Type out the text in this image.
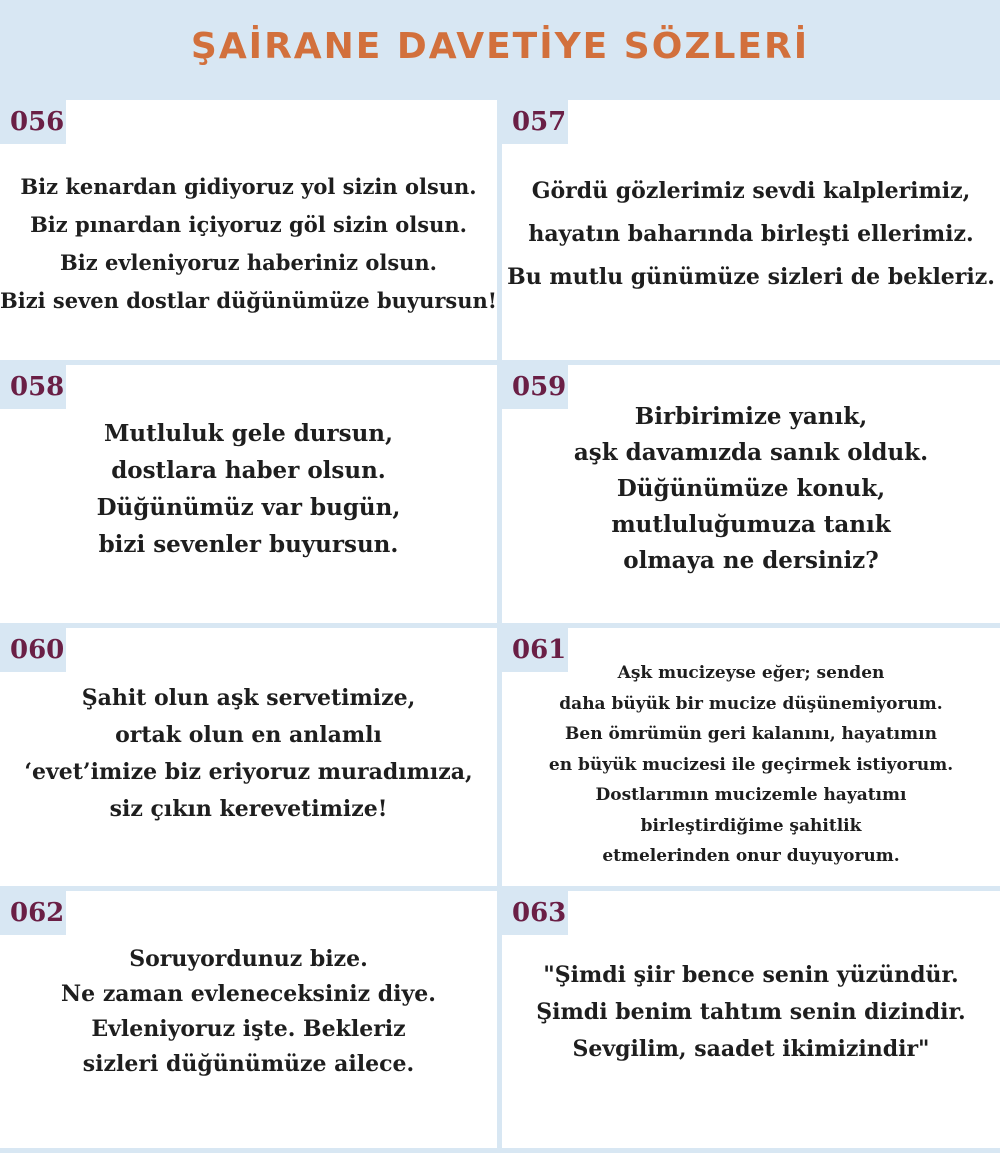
ŞAİRANE DAVETİYE SÖZLERİ
056
Biz kenardan gidiyoruz yol sizin olsun.
Biz pınardan içiyoruz göl sizin olsun.
Biz evleniyoruz haberiniz olsun.
Bizi seven dostlar düğünümüze buyursun!
057
Gördü gözlerimiz sevdi kalplerimiz,
hayatın baharında birleşti ellerimiz.
Bu mutlu günümüze sizleri de bekleriz.
058
Mutluluk gele dursun,
dostlara haber olsun.
Düğünümüz var bugün,
bizi sevenler buyursun.
059
Birbirimize yanık,
aşk davamızda sanık olduk.
Düğünümüze konuk,
mutluluğumuza tanık
olmaya ne dersiniz?
060
Şahit olun aşk servetimize,
ortak olun en anlamlı
‘evet’imize biz eriyoruz muradımıza,
siz çıkın kerevetimize!
061
Aşk mucizeyse eğer; senden
daha büyük bir mucize düşünemiyorum.
Ben ömrümün geri kalanını, hayatımın
en büyük mucizesi ile geçirmek istiyorum.
Dostlarımın mucizemle hayatımı
birleştirdiğime şahitlik
etmelerinden onur duyuyorum.
062
Soruyordunuz bize.
Ne zaman evleneceksiniz diye.
Evleniyoruz işte. Bekleriz
sizleri düğünümüze ailece.
063
"Şimdi şiir bence senin yüzündür.
Şimdi benim tahtım senin dizindir.
Sevgilim, saadet ikimizindir"
